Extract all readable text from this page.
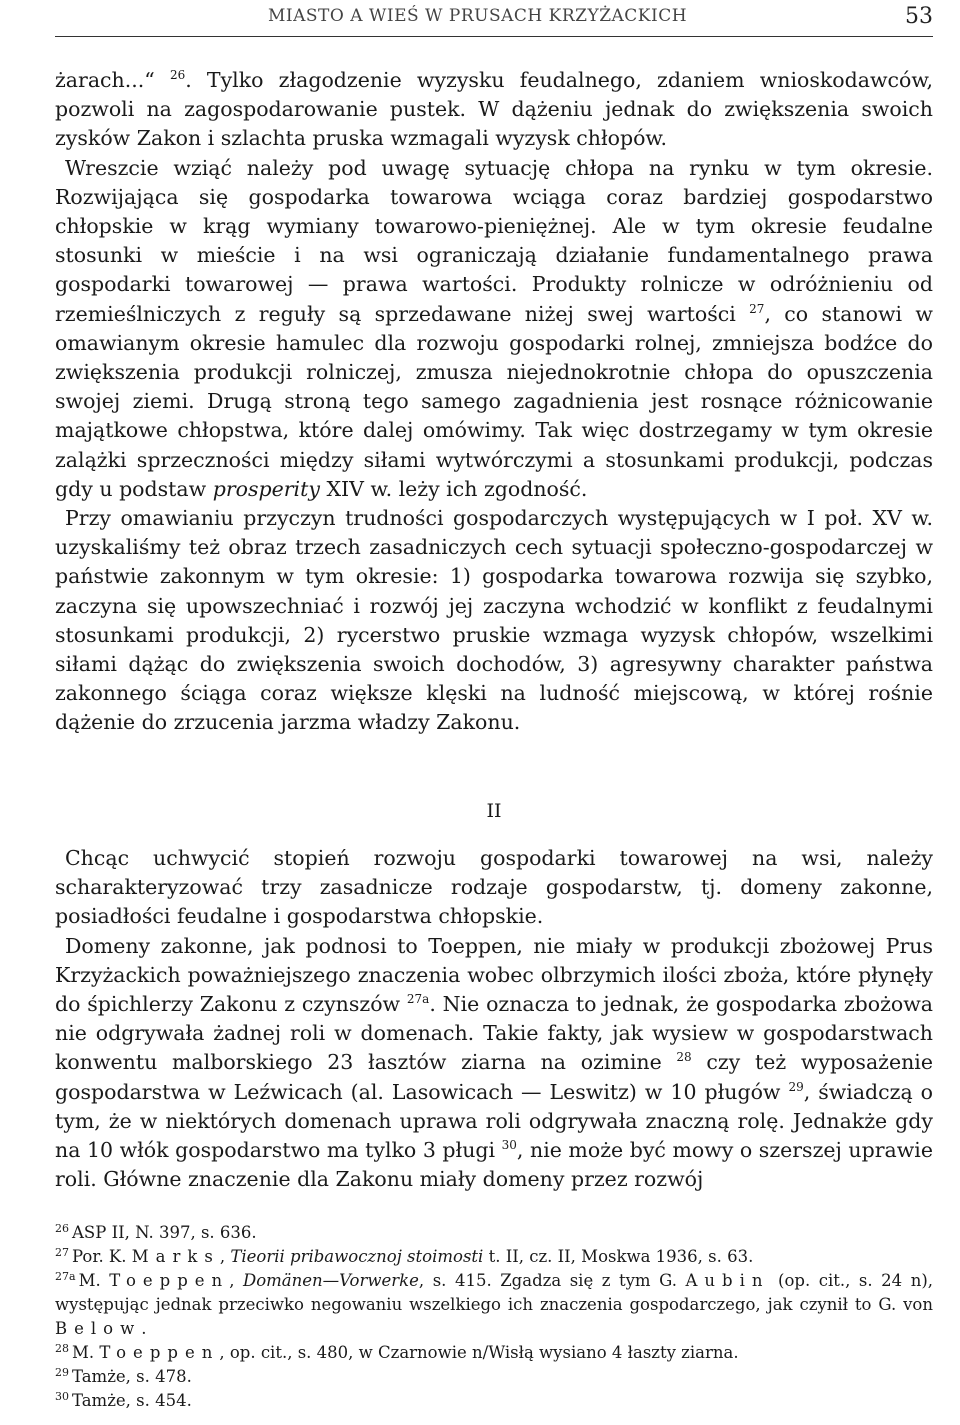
MIASTO A WIEŚ W PRUSACH KRZYŻACKICH	53

żarach...“ $^{26}$. Tylko złagodzenie wyzysku feudalnego, zdaniem wnioskodawców, pozwoli na zagospodarowanie pustek. W dążeniu jednak do zwiększenia swoich zysków Zakon i szlachta pruska wzmagali wyzysk chłopów.

Wreszcie wziąć należy pod uwagę sytuację chłopa na rynku w tym okresie. Rozwijająca się gospodarka towarowa wciąga coraz bardziej gospodarstwo chłopskie w krąg wymiany towarowo-pieniężnej. Ale w tym okresie feudalne stosunki w mieście i na wsi ograniczają działanie fundamentalnego prawa gospodarki towarowej — prawa wartości. Produkty rolnicze w odróżnieniu od rzemieślniczych z reguły są sprzedawane niżej swej wartości $^{27}$, co stanowi w omawianym okresie hamulec dla rozwoju gospodarki rolnej, zmniejsza bodźce do zwiększenia produkcji rolniczej, zmusza niejednokrotnie chłopa do opuszczenia swojej ziemi. Drugą stroną tego samego zagadnienia jest rosnące różnicowanie majątkowe chłopstwa, które dalej omówimy. Tak więc dostrzegamy w tym okresie zalążki sprzeczności między siłami wytwórczymi a stosunkami produkcji, podczas gdy u podstaw prosperity XIV w. leży ich zgodność.

Przy omawianiu przyczyn trudności gospodarczych występujących w I poł. XV w. uzyskaliśmy też obraz trzech zasadniczych cech sytuacji społeczno-gospodarczej w państwie zakonnym w tym okresie: 1) gospodarka towarowa rozwija się szybko, zaczyna się upowszechniać i rozwój jej zaczyna wchodzić w konflikt z feudalnymi stosunkami produkcji, 2) rycerstwo pruskie wzmaga wyzysk chłopów, wszelkimi siłami dążąc do zwiększenia swoich dochodów, 3) agresywny charakter państwa zakonnego ściąga coraz większe klęski na ludność miejscową, w której rośnie dążenie do zrzucenia jarzma władzy Zakonu.

II

Chcąc uchwycić stopień rozwoju gospodarki towarowej na wsi, należy scharakteryzować trzy zasadnicze rodzaje gospodarstw, tj. domeny zakonne, posiadłości feudalne i gospodarstwa chłopskie.

Domeny zakonne, jak podnosi to Toeppen, nie miały w produkcji zbożowej Prus Krzyżackich poważniejszego znaczenia wobec olbrzymich ilości zboża, które płynęły do śpichlerzy Zakonu z czynszów $^{27a}$. Nie oznacza to jednak, że gospodarka zbożowa nie odgrywała żadnej roli w domenach. Takie fakty, jak wysiew w gospodarstwach konwentu malborskiego 23 łasztów ziarna na ozimine $^{28}$ czy też wyposażenie gospodarstwa w Leźwicach (al. Lasowicach — Leswitz) w 10 pługów $^{29}$, świadczą o tym, że w niektórych domenach uprawa roli odgrywała znaczną rolę. Jednakże gdy na 10 włók gospodarstwo ma tylko 3 pługi $^{30}$, nie może być mowy o szerszej uprawie roli. Główne znaczenie dla Zakonu miały domeny przez rozwój

$^{26}$ ASP II, N. 397, s. 636.

$^{27}$ Por. K. Marks, Tieorii pribawocznoj stoimosti t. II, cz. II, Moskwa 1936, s. 63.

$^{27a}$ M. Toeppen, Domänen—Vorwerke, s. 415. Zgadza się z tym G. Aubin (op. cit., s. 24 n), występując jednak przeciwko negowaniu wszelkiego ich znaczenia gospodarczego, jak czynił to G. von Below.

$^{28}$ M. Toeppen, op. cit., s. 480, w Czarnowie n/Wisłą wysiano 4 łaszty ziarna.

$^{29}$ Tamże, s. 478.

$^{30}$ Tamże, s. 454.
